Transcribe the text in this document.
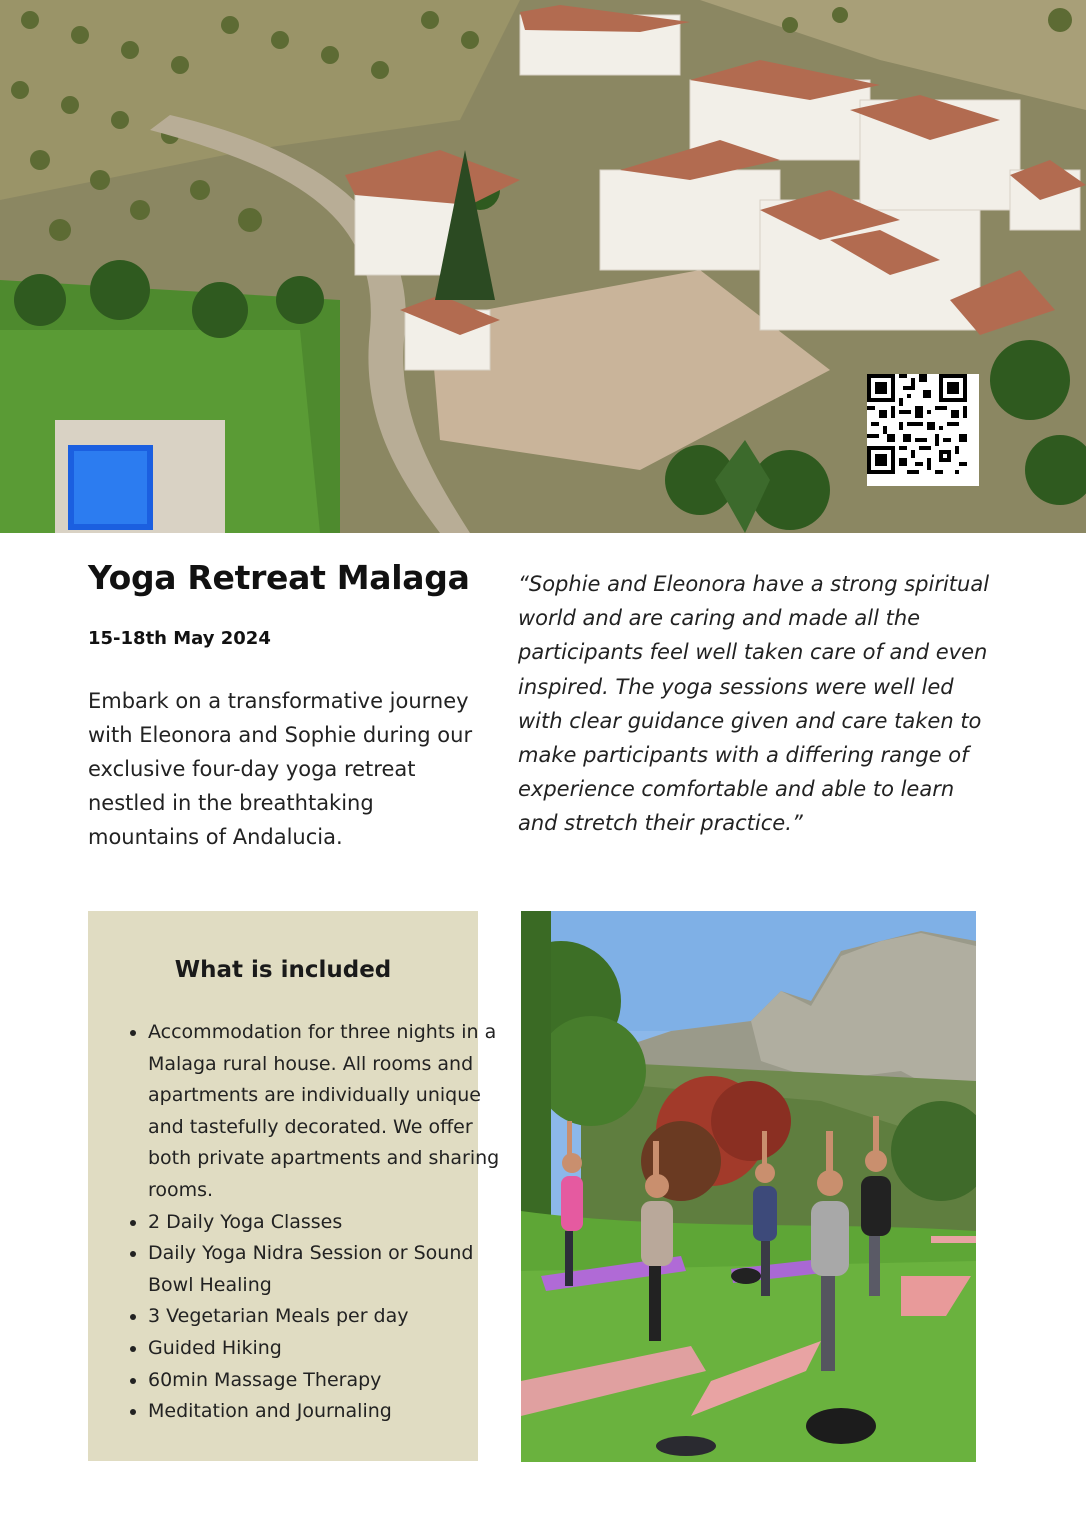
Yoga Retreat Malaga
15-18th May 2024

Embark on a transformative journey with Eleonora and Sophie during our exclusive four-day yoga retreat nestled in the breathtaking mountains of Andalucia.

“Sophie and Eleonora have a strong spiritual world and are caring and made all the participants feel well taken care of and even inspired. The yoga sessions were well led with clear guidance given and care taken to make participants with a differing range of experience comfortable and able to learn and stretch their practice.”

What is included
• Accommodation for three nights in a Malaga rural house. All rooms and apartments are individually unique and tastefully decorated. We offer both private apartments and sharing rooms.
• 2 Daily Yoga Classes
• Daily Yoga Nidra Session or Sound Bowl Healing
• 3 Vegetarian Meals per day
• Guided Hiking
• 60min Massage Therapy
• Meditation and Journaling
